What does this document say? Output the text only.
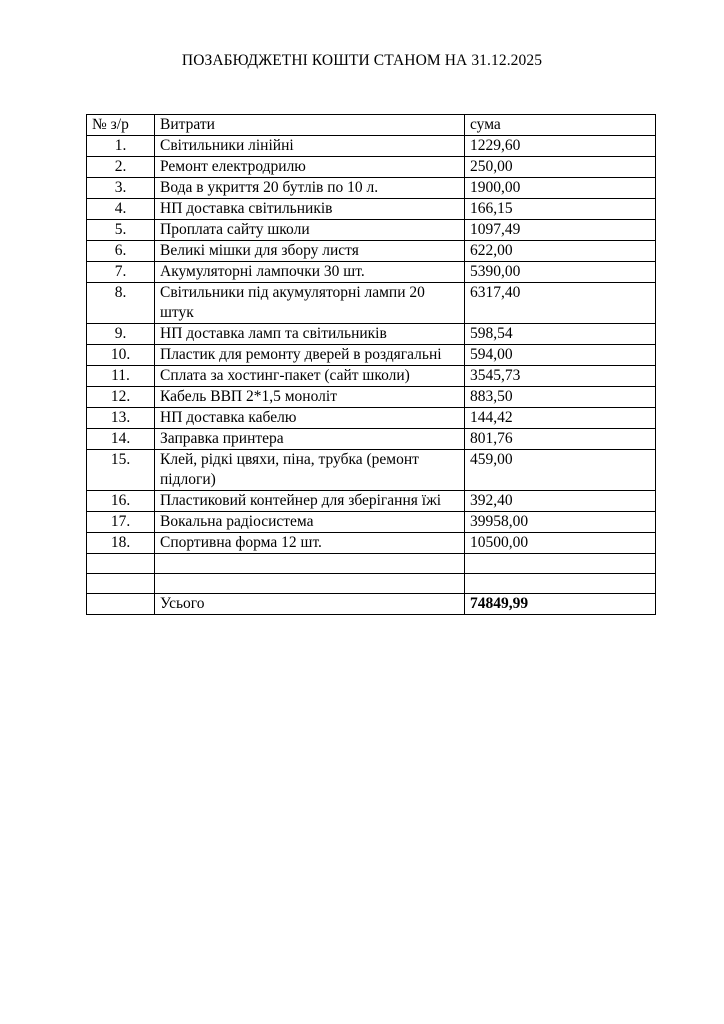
ПОЗАБЮДЖЕТНІ КОШТИ СТАНОМ НА 31.12.2025
№ з/р	Витрати	сума
1.	Світильники лінійні	1229,60
2.	Ремонт електродрилю	250,00
3.	Вода в укриття 20 бутлів по 10 л.	1900,00
4.	НП доставка світильників	166,15
5.	Проплата сайту школи	1097,49
6.	Великі мішки для збору листя	622,00
7.	Акумуляторні лампочки 30 шт.	5390,00
8.	Світильники під акумуляторні лампи 20 штук	6317,40
9.	НП доставка ламп та світильників	598,54
10.	Пластик для ремонту дверей в роздягальні	594,00
11.	Сплата за хостинг-пакет (сайт школи)	3545,73
12.	Кабель ВВП 2*1,5 моноліт	883,50
13.	НП доставка кабелю	144,42
14.	Заправка принтера	801,76
15.	Клей, рідкі цвяхи, піна, трубка (ремонт підлоги)	459,00
16.	Пластиковий контейнер для зберігання їжі	392,40
17.	Вокальна радіосистема	39958,00
18.	Спортивна форма 12 шт.	10500,00

	Усього	74849,99
